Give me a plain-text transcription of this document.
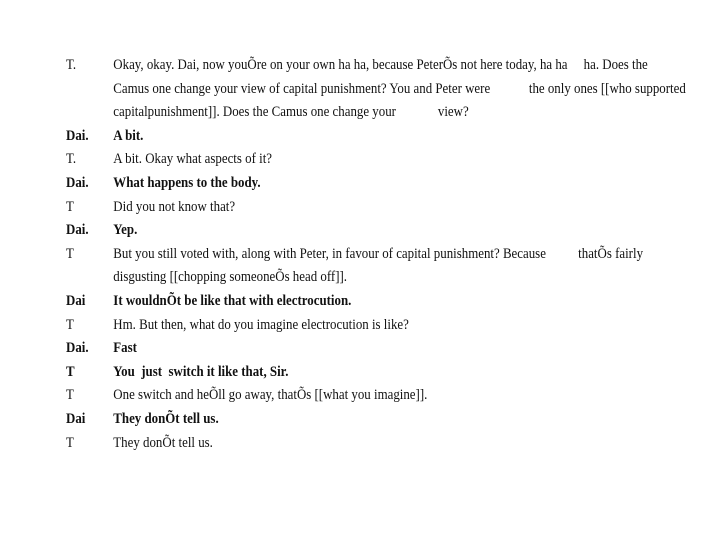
T. Okay, okay. Dai, now youÕre on your own ha ha, because PeterÕs not here today, ha ha     ha. Does the
Camus one change your view of capital punishment? You and Peter were            the only ones [[who supported
capitalpunishment]]. Does the Camus one change your             view?
Dai. A bit.
T. A bit. Okay what aspects of it?
Dai. What happens to the body.
T	Did you not know that?
Dai. Yep.
T	But you still voted with, along with Peter, in favour of capital punishment? Because          thatÕs fairly
disgusting [[chopping someoneÕs head off]].
Dai It wouldnÕt be like that with electrocution.
T	Hm. But then, what do you imagine electrocution is like?
Dai. Fast
T	You  just  switch it like that, Sir.
T	One switch and heÕll go away, thatÕs [[what you imagine]].
Dai They donÕt tell us.
T	They donÕt tell us.
